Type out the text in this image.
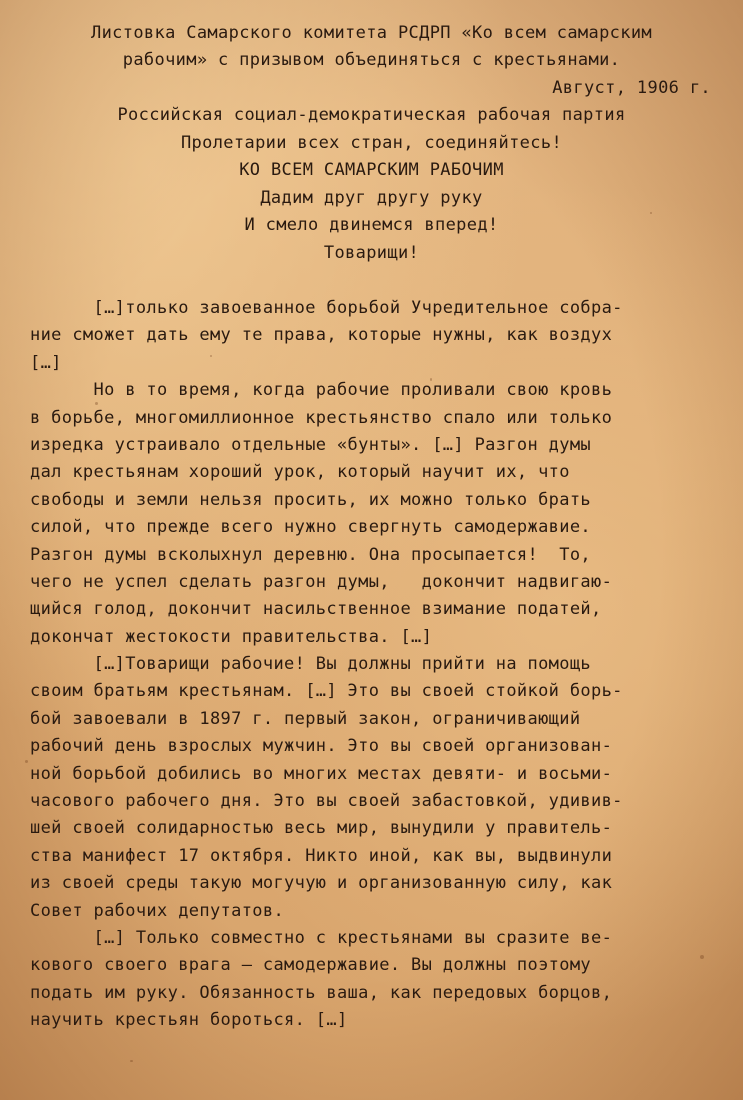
Листовка Самарского комитета РСДРП «Ко всем самарским
рабочим» с призывом объединяться с крестьянами.
Август, 1906 г.
Российская социал-демократическая рабочая партия
Пролетарии всех стран, соединяйтесь!
КО ВСЕМ САМАРСКИМ РАБОЧИМ
Дадим друг другу руку
И смело двинемся вперед!
Товарищи!
[…]только завоеванное борьбой Учредительное собра-
ние сможет дать ему те права, которые нужны, как воздух
[…]
Но в то время, когда рабочие проливали свою кровь
в борьбе, многомиллионное крестьянство спало или только
изредка устраивало отдельные «бунты». […] Разгон думы
дал крестьянам хороший урок, который научит их, что
свободы и земли нельзя просить, их можно только брать
силой, что прежде всего нужно свергнуть самодержавие.
Разгон думы всколыхнул деревню. Она просыпается!  То,
чего не успел сделать разгон думы,   докончит надвигаю-
щийся голод, докончит насильственное взимание податей,
докончат жестокости правительства. […]
[…]Товарищи рабочие! Вы должны прийти на помощь
своим братьям крестьянам. […] Это вы своей стойкой борь-
бой завоевали в 1897 г. первый закон, ограничивающий
рабочий день взрослых мужчин. Это вы своей организован-
ной борьбой добились во многих местах девяти- и восьми-
часового рабочего дня. Это вы своей забастовкой, удивив-
шей своей солидарностью весь мир, вынудили у правитель-
ства манифест 17 октября. Никто иной, как вы, выдвинули
из своей среды такую могучую и организованную силу, как
Совет рабочих депутатов.
[…] Только совместно с крестьянами вы сразите ве-
кового своего врага — самодержавие. Вы должны поэтому
подать им руку. Обязанность ваша, как передовых борцов,
научить крестьян бороться. […]
